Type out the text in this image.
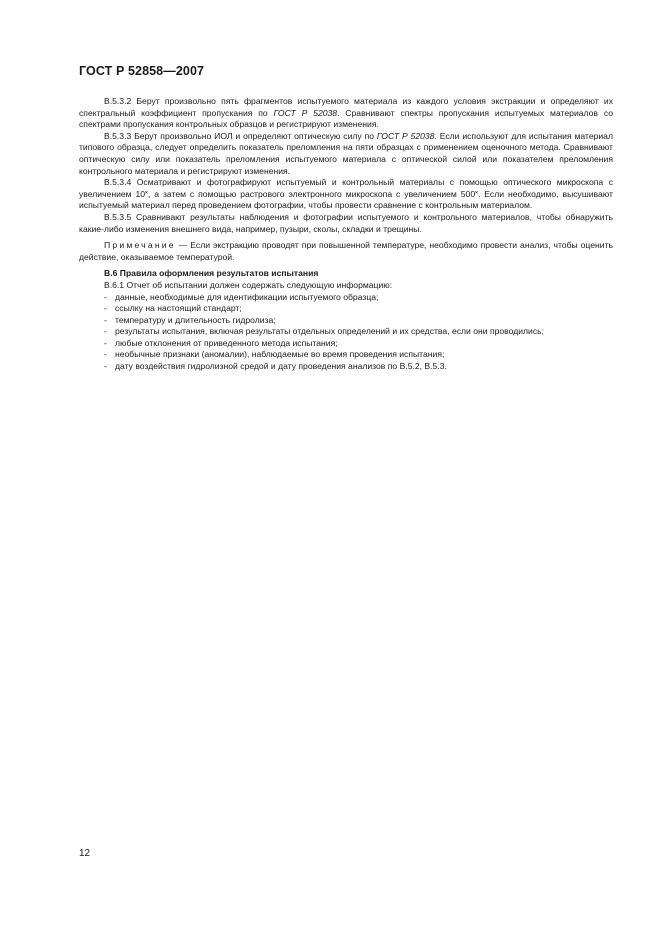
ГОСТ Р 52858—2007

В.5.3.2 Берут произвольно пять фрагментов испытуемого материала из каждого условия экстракции и определяют их спектральный коэффициент пропускания по ГОСТ Р 52038. Сравнивают спектры пропускания испытуемых материалов со спектрами пропускания контрольных образцов и регистрируют изменения.

В.5.3.3 Берут произвольно ИОЛ и определяют оптическую силу по ГОСТ Р 52038. Если используют для испытания материал типового образца, следует определить показатель преломления на пяти образцах с применением оценочного метода. Сравнивают оптическую силу или показатель преломления испытуемого материала с оптической силой или показателем преломления контрольного материала и регистрируют изменения.

В.5.3.4 Осматривают и фотографируют испытуемый и контрольный материалы с помощью оптического микроскопа с увеличением 10˟, а затем с помощью растрового электронного микроскопа с увеличением 500˟. Если необходимо, высушивают испытуемый материал перед проведением фотографии, чтобы провести сравнение с контрольным материалом.

В.5.3.5 Сравнивают результаты наблюдения и фотографии испытуемого и контрольного материалов, чтобы обнаружить какие-либо изменения внешнего вида, например, пузыри, сколы, складки и трещины.

Примечание — Если экстракцию проводят при повышенной температуре, необходимо провести анализ, чтобы оценить действие, оказываемое температурой.

В.6 Правила оформления результатов испытания

В.6.1 Отчет об испытании должен содержать следующую информацию:

- данные, необходимые для идентификации испытуемого образца;
- ссылку на настоящий стандарт;
- температуру и длительность гидролиза;
- результаты испытания, включая результаты отдельных определений и их средства, если они проводились;
- любые отклонения от приведенного метода испытания;
- необычные признаки (аномалии), наблюдаемые во время проведения испытания;
- дату воздействия гидролизной средой и дату проведения анализов по В.5.2, В.5.3.
12
